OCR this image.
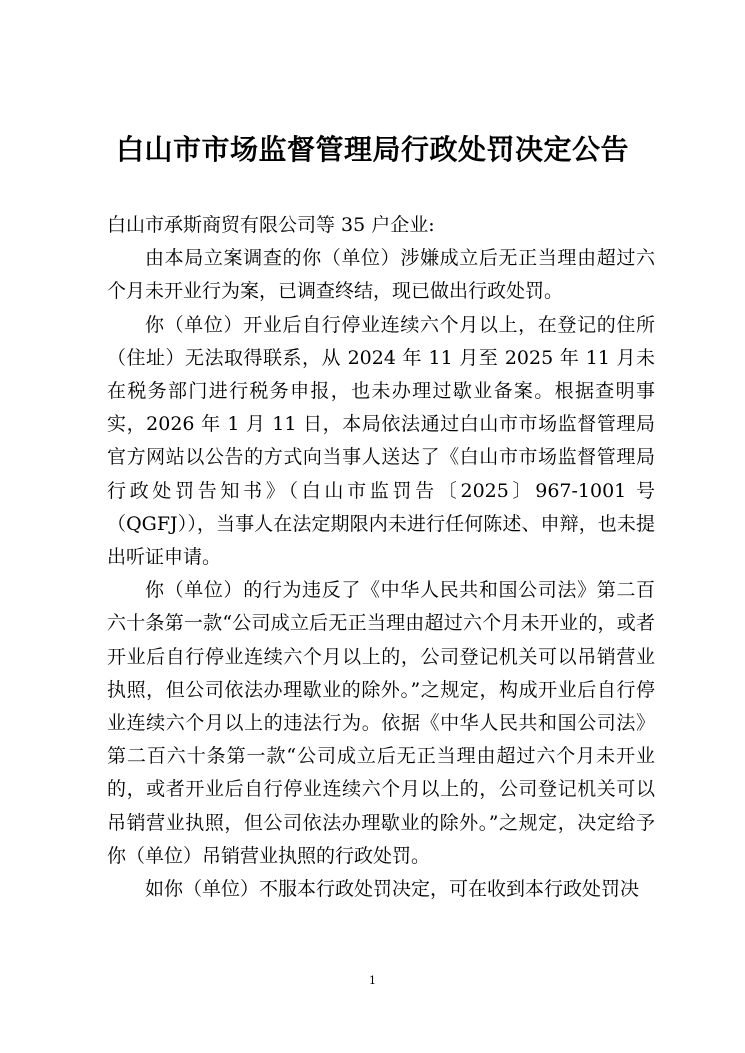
白山市市场监督管理局行政处罚决定公告

白山市承斯商贸有限公司等 35 户企业:

由本局立案调查的你（单位）涉嫌成立后无正当理由超过六个月未开业行为案，已调查终结，现已做出行政处罚。

你（单位）开业后自行停业连续六个月以上，在登记的住所（住址）无法取得联系，从 2024 年 11 月至 2025 年 11 月未在税务部门进行税务申报，也未办理过歇业备案。根据查明事实，2026 年 1 月 11 日，本局依法通过白山市市场监督管理局官方网站以公告的方式向当事人送达了《白山市市场监督管理局行政处罚告知书》（白山市监罚告〔2025〕967-1001 号（QGFJ）），当事人在法定期限内未进行任何陈述、申辩，也未提出听证申请。

你（单位）的行为违反了《中华人民共和国公司法》第二百六十条第一款“公司成立后无正当理由超过六个月未开业的，或者开业后自行停业连续六个月以上的，公司登记机关可以吊销营业执照，但公司依法办理歇业的除外。”之规定，构成开业后自行停业连续六个月以上的违法行为。依据《中华人民共和国公司法》第二百六十条第一款“公司成立后无正当理由超过六个月未开业的，或者开业后自行停业连续六个月以上的，公司登记机关可以吊销营业执照，但公司依法办理歇业的除外。”之规定，决定给予你（单位）吊销营业执照的行政处罚。

如你（单位）不服本行政处罚决定，可在收到本行政处罚决

1
